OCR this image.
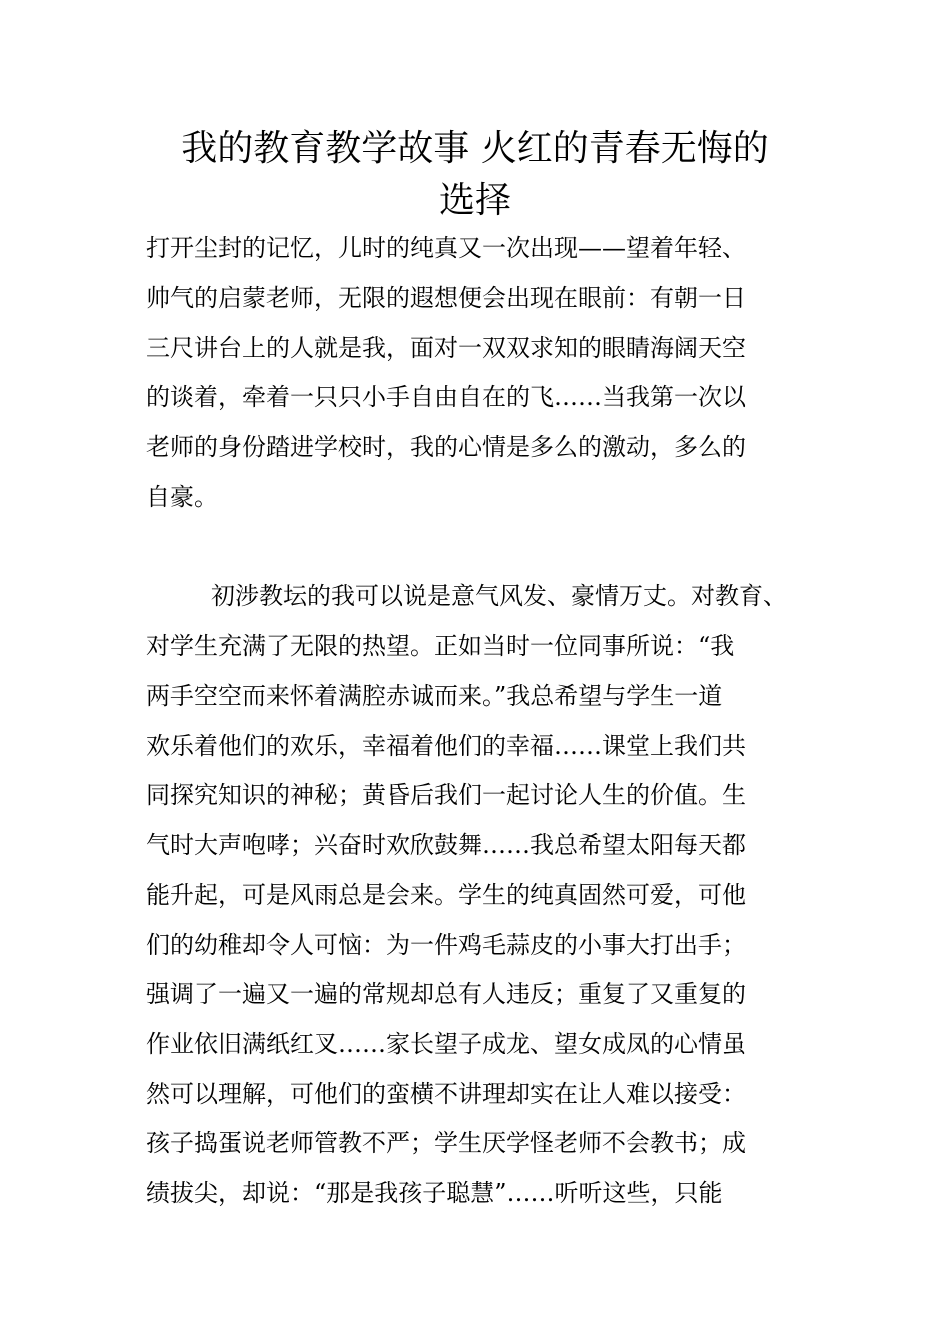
我的教育教学故事 火红的青春无悔的
选择
打开尘封的记忆，儿时的纯真又一次出现——望着年轻、
帅气的启蒙老师，无限的遐想便会出现在眼前：有朝一日
三尺讲台上的人就是我，面对一双双求知的眼睛海阔天空
的谈着，牵着一只只小手自由自在的飞……当我第一次以
老师的身份踏进学校时，我的心情是多么的激动，多么的
自豪。
初涉教坛的我可以说是意气风发、豪情万丈。对教育、
对学生充满了无限的热望。正如当时一位同事所说：“我
两手空空而来怀着满腔赤诚而来。”我总希望与学生一道
欢乐着他们的欢乐，幸福着他们的幸福……课堂上我们共
同探究知识的神秘；黄昏后我们一起讨论人生的价值。生
气时大声咆哮；兴奋时欢欣鼓舞……我总希望太阳每天都
能升起，可是风雨总是会来。学生的纯真固然可爱，可他
们的幼稚却令人可恼：为一件鸡毛蒜皮的小事大打出手；
强调了一遍又一遍的常规却总有人违反；重复了又重复的
作业依旧满纸红叉……家长望子成龙、望女成凤的心情虽
然可以理解，可他们的蛮横不讲理却实在让人难以接受：
孩子捣蛋说老师管教不严；学生厌学怪老师不会教书；成
绩拔尖，却说：“那是我孩子聪慧”……听听这些，只能
